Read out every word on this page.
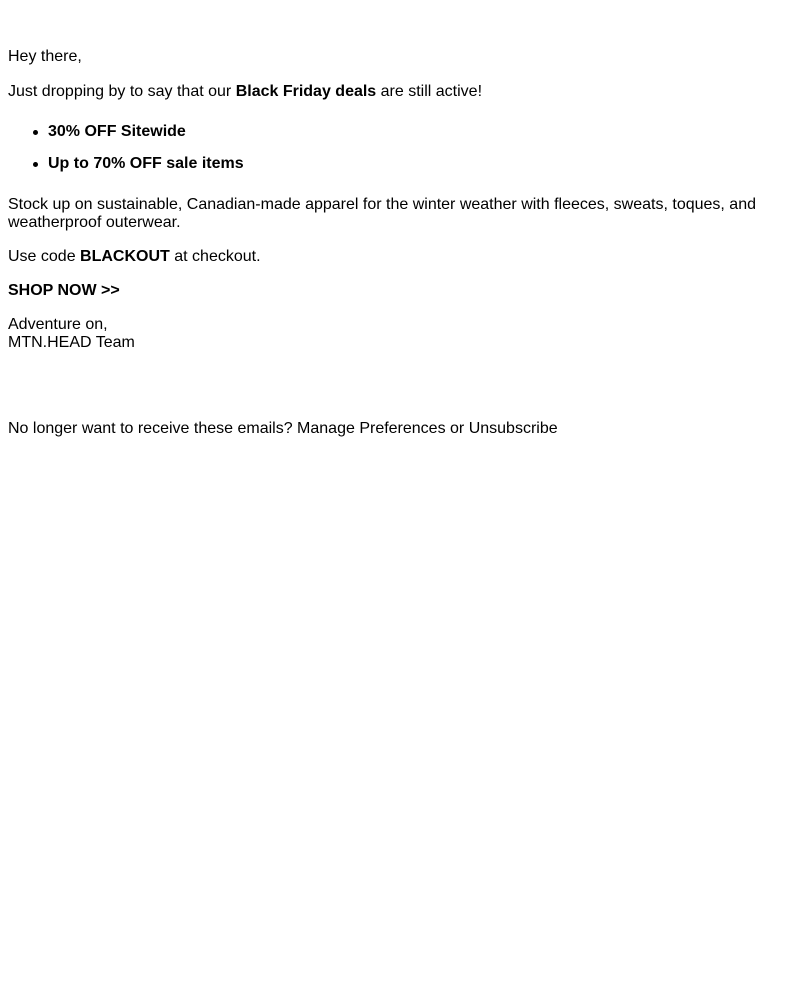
Hey there,

Just dropping by to say that our Black Friday deals are still active!

30% OFF Sitewide
Up to 70% OFF sale items

Stock up on sustainable, Canadian-made apparel for the winter weather with fleeces, sweats, toques, and weatherproof outerwear.

Use code BLACKOUT at checkout.

SHOP NOW >>

Adventure on,
MTN.HEAD Team

No longer want to receive these emails? Manage Preferences or Unsubscribe
